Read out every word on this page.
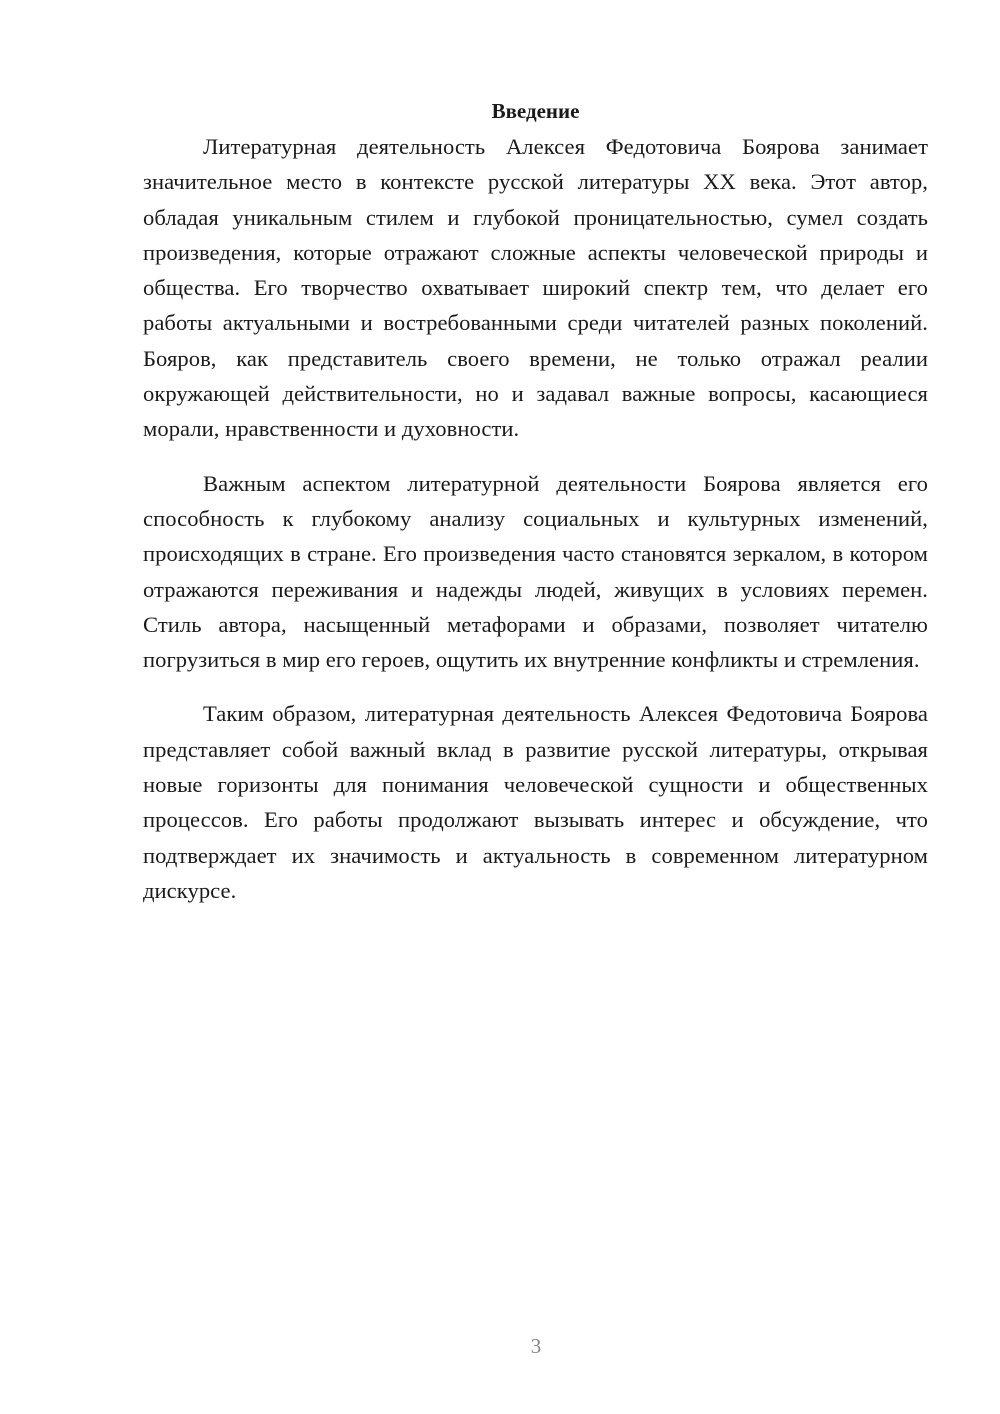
Введение

Литературная деятельность Алексея Федотовича Боярова занимает значительное место в контексте русской литературы XX века. Этот автор, обладая уникальным стилем и глубокой проницательностью, сумел создать произведения, которые отражают сложные аспекты человеческой природы и общества. Его творчество охватывает широкий спектр тем, что делает его работы актуальными и востребованными среди читателей разных поколений. Бояров, как представитель своего времени, не только отражал реалии окружающей действительности, но и задавал важные вопросы, касающиеся морали, нравственности и духовности.

Важным аспектом литературной деятельности Боярова является его способность к глубокому анализу социальных и культурных изменений, происходящих в стране. Его произведения часто становятся зеркалом, в котором отражаются переживания и надежды людей, живущих в условиях перемен. Стиль автора, насыщенный метафорами и образами, позволяет читателю погрузиться в мир его героев, ощутить их внутренние конфликты и стремления.

Таким образом, литературная деятельность Алексея Федотовича Боярова представляет собой важный вклад в развитие русской литературы, открывая новые горизонты для понимания человеческой сущности и общественных процессов. Его работы продолжают вызывать интерес и обсуждение, что подтверждает их значимость и актуальность в современном литературном дискурсе.

3
